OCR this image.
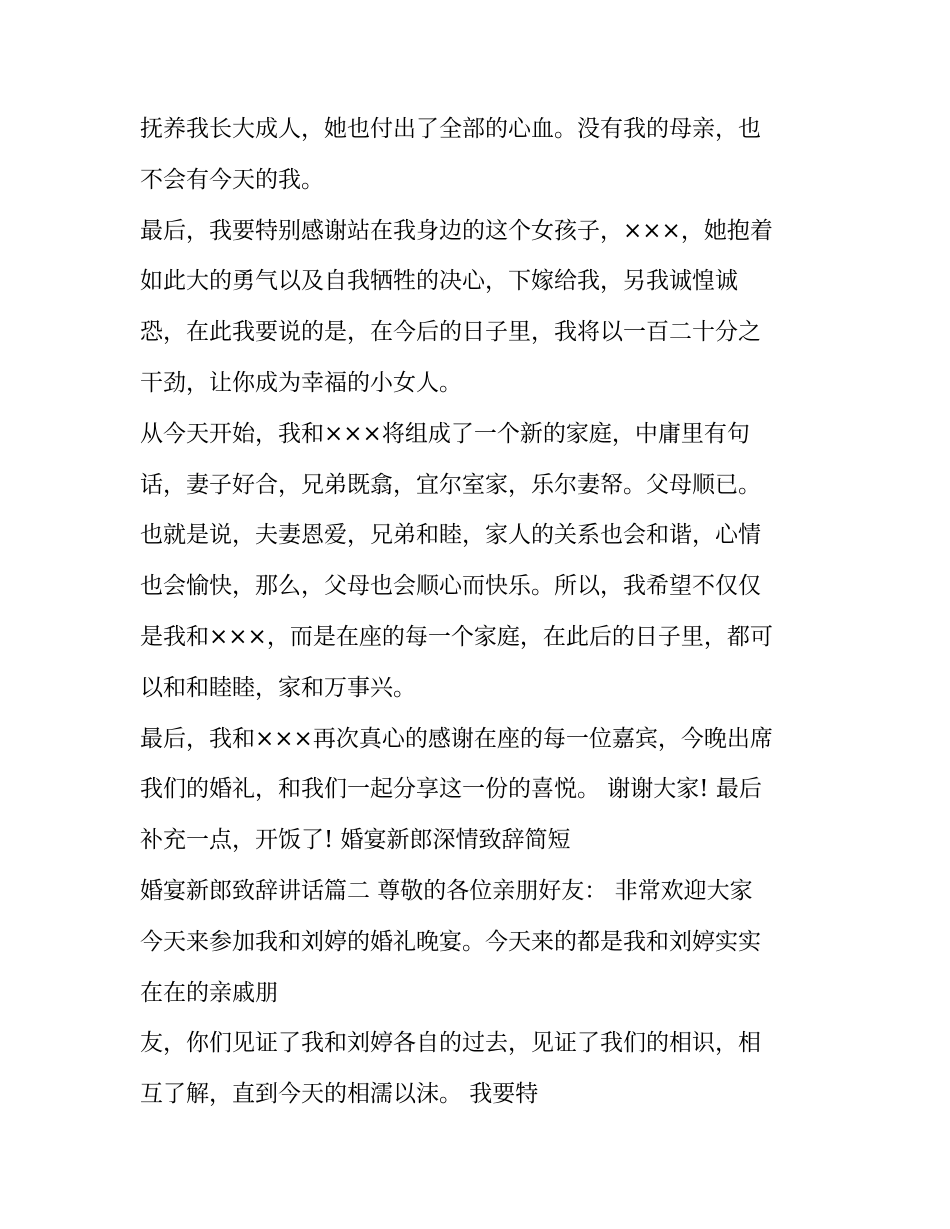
抚养我长大成人，她也付出了全部的心血。没有我的母亲，也
不会有今天的我。
最后，我要特别感谢站在我身边的这个女孩子，×××，她抱着
如此大的勇气以及自我牺牲的决心，下嫁给我，另我诚惶诚
恐，在此我要说的是，在今后的日子里，我将以一百二十分之
干劲，让你成为幸福的小女人。
从今天开始，我和×××将组成了一个新的家庭，中庸里有句
话，妻子好合，兄弟既翕，宜尔室家，乐尔妻帑。父母顺已。
也就是说，夫妻恩爱，兄弟和睦，家人的关系也会和谐，心情
也会愉快，那么，父母也会顺心而快乐。所以，我希望不仅仅
是我和×××，而是在座的每一个家庭，在此后的日子里，都可
以和和睦睦，家和万事兴。
最后，我和×××再次真心的感谢在座的每一位嘉宾，今晚出席
我们的婚礼，和我们一起分享这一份的喜悦。 谢谢大家! 最后
补充一点，开饭了! 婚宴新郎深情致辞简短
婚宴新郎致辞讲话篇二 尊敬的各位亲朋好友： 非常欢迎大家
今天来参加我和刘婷的婚礼晚宴。今天来的都是我和刘婷实实
在在的亲戚朋
友，你们见证了我和刘婷各自的过去，见证了我们的相识，相
互了解，直到今天的相濡以沫。 我要特
